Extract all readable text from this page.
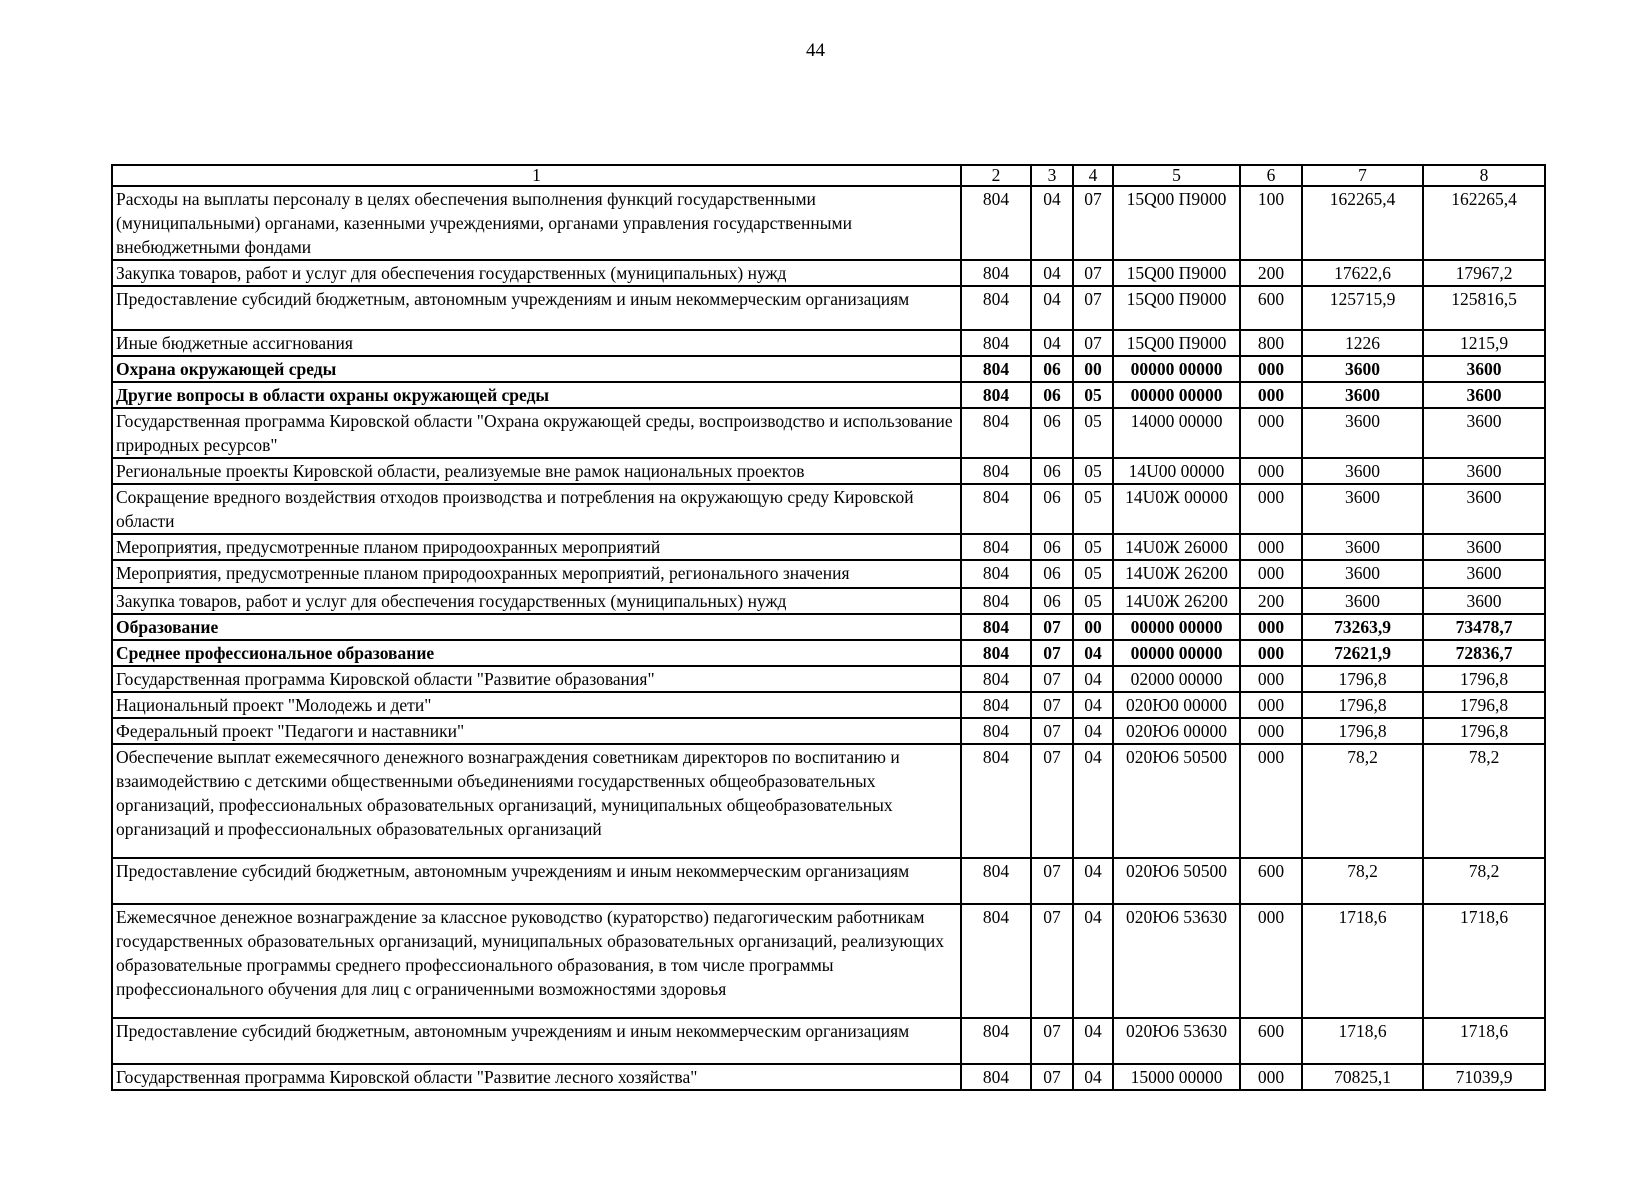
44
1	2	3	4	5	6	7	8
Расходы на выплаты персоналу в целях обеспечения выполнения функций государственными (муниципальными) органами, казенными учреждениями, органами управления государственными внебюджетными фондами	804	04	07	15Q00 П9000	100	162265,4	162265,4
Закупка товаров, работ и услуг для обеспечения государственных (муниципальных) нужд	804	04	07	15Q00 П9000	200	17622,6	17967,2
Предоставление субсидий бюджетным, автономным учреждениям и иным некоммерческим организациям	804	04	07	15Q00 П9000	600	125715,9	125816,5
Иные бюджетные ассигнования	804	04	07	15Q00 П9000	800	1226	1215,9
Охрана окружающей среды	804	06	00	00000 00000	000	3600	3600
Другие вопросы в области охраны окружающей среды	804	06	05	00000 00000	000	3600	3600
Государственная программа Кировской области "Охрана окружающей среды, воспроизводство и использование природных ресурсов"	804	06	05	14000 00000	000	3600	3600
Региональные проекты Кировской области, реализуемые вне рамок национальных проектов	804	06	05	14U00 00000	000	3600	3600
Сокращение вредного воздействия отходов производства и потребления на окружающую среду Кировской области	804	06	05	14U0Ж 00000	000	3600	3600
Мероприятия, предусмотренные планом природоохранных мероприятий	804	06	05	14U0Ж 26000	000	3600	3600
Мероприятия, предусмотренные планом природоохранных мероприятий, регионального значения	804	06	05	14U0Ж 26200	000	3600	3600
Закупка товаров, работ и услуг для обеспечения государственных (муниципальных) нужд	804	06	05	14U0Ж 26200	200	3600	3600
Образование	804	07	00	00000 00000	000	73263,9	73478,7
Среднее профессиональное образование	804	07	04	00000 00000	000	72621,9	72836,7
Государственная программа Кировской области "Развитие образования"	804	07	04	02000 00000	000	1796,8	1796,8
Национальный проект "Молодежь и дети"	804	07	04	020Ю0 00000	000	1796,8	1796,8
Федеральный проект "Педагоги и наставники"	804	07	04	020Ю6 00000	000	1796,8	1796,8
Обеспечение выплат ежемесячного денежного вознаграждения советникам директоров по воспитанию и взаимодействию с детскими общественными объединениями государственных общеобразовательных организаций, профессиональных образовательных организаций, муниципальных общеобразовательных организаций и профессиональных образовательных организаций	804	07	04	020Ю6 50500	000	78,2	78,2
Предоставление субсидий бюджетным, автономным учреждениям и иным некоммерческим организациям	804	07	04	020Ю6 50500	600	78,2	78,2
Ежемесячное денежное вознаграждение за классное руководство (кураторство) педагогическим работникам государственных образовательных организаций, муниципальных образовательных организаций, реализующих образовательные программы среднего профессионального образования, в том числе программы профессионального обучения для лиц с ограниченными возможностями здоровья	804	07	04	020Ю6 53630	000	1718,6	1718,6
Предоставление субсидий бюджетным, автономным учреждениям и иным некоммерческим организациям	804	07	04	020Ю6 53630	600	1718,6	1718,6
Государственная программа Кировской области "Развитие лесного хозяйства"	804	07	04	15000 00000	000	70825,1	71039,9
